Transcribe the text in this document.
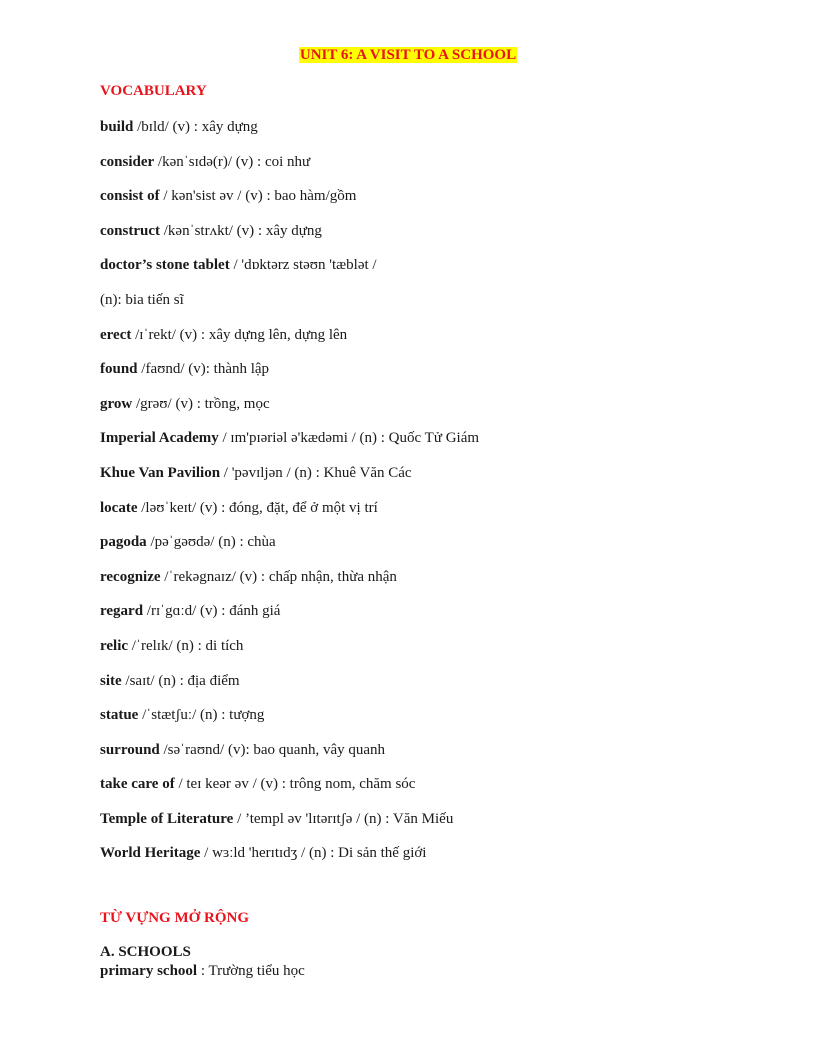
UNIT 6: A VISIT TO A SCHOOL
VOCABULARY
build /bɪld/ (v) : xây dựng
consider /kənˈsɪdə(r)/ (v) : coi như
consist of / kən'sist əv / (v) : bao hàm/gồm
construct /kənˈstrʌkt/ (v) : xây dựng
doctor’s stone tablet / 'dɒktərz stəʊn 'tæblət /
(n): bia tiến sĩ
erect /ɪˈrekt/ (v) : xây dựng lên, dựng lên
found /faʊnd/ (v): thành lập
grow /grəʊ/ (v) : trồng, mọc
Imperial Academy / ɪm'pɪəriəl ə'kædəmi / (n) : Quốc Tử Giám
Khue Van Pavilion / 'pəvɪljən / (n) : Khuê Văn Các
locate /ləʊˈkeɪt/ (v) : đóng, đặt, để ở một vị trí
pagoda /pəˈgəʊdə/ (n) : chùa
recognize /ˈrekəgnaɪz/ (v) : chấp nhận, thừa nhận
regard /rɪˈgɑːd/ (v) : đánh giá
relic /ˈrelɪk/ (n) : di tích
site /saɪt/ (n) : địa điểm
statue /ˈstætʃuː/ (n) : tượng
surround /səˈraʊnd/ (v): bao quanh, vây quanh
take care of / teɪ keər əv / (v) : trông nom, chăm sóc
Temple of Literature / ’templ əv 'lɪtərɪtʃə / (n) : Văn Miếu
World Heritage / wɜːld 'herɪtɪdʒ / (n) : Di sản thế giới
TỪ VỰNG MỞ RỘNG
A. SCHOOLS
primary school : Trường tiểu học
